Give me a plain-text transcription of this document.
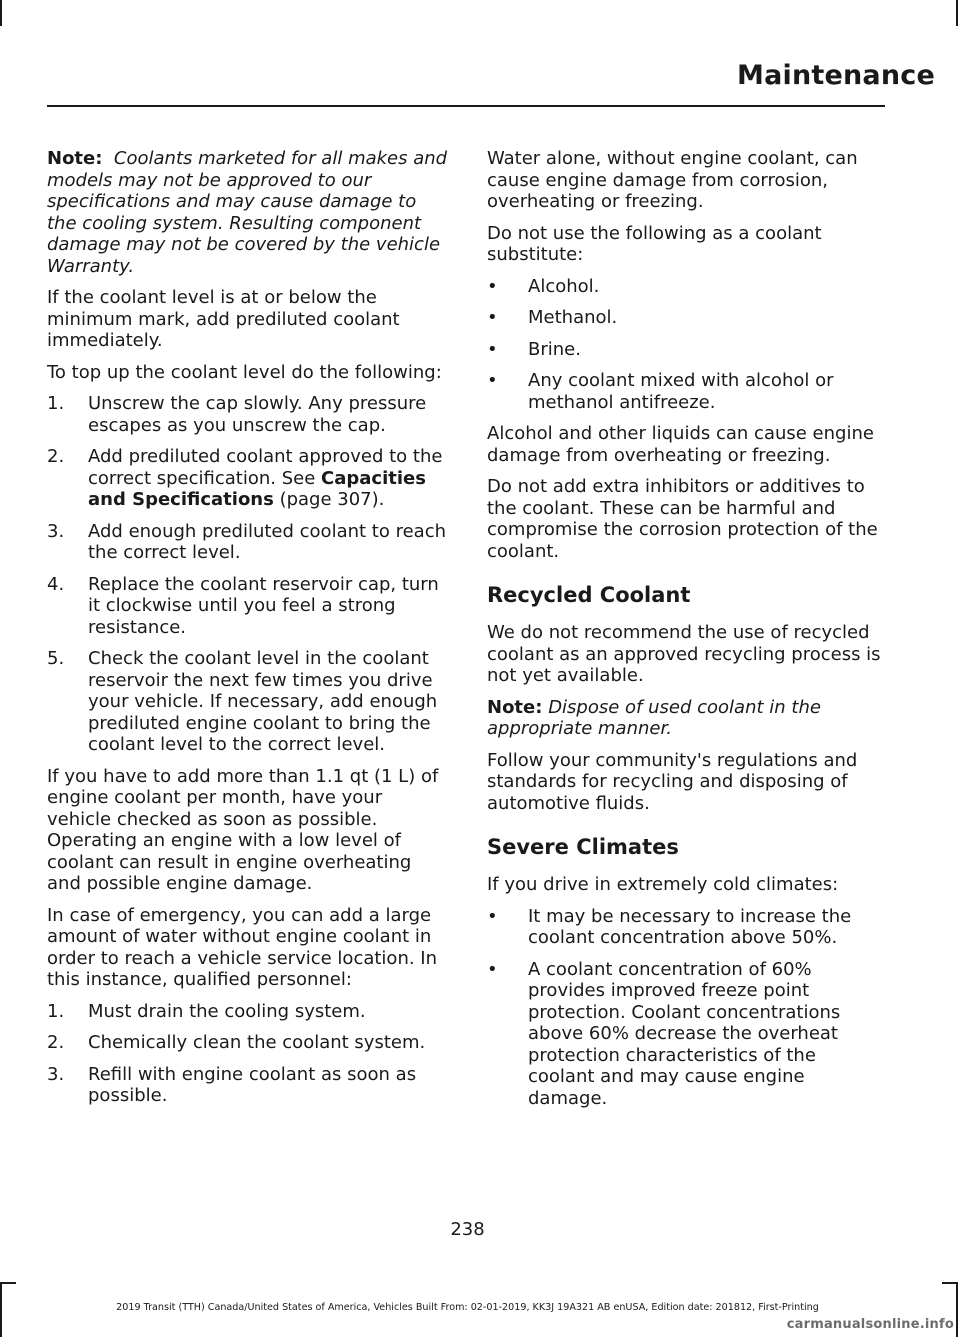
Maintenance

Note: Coolants marketed for all makes and models may not be approved to our specifications and may cause damage to the cooling system. Resulting component damage may not be covered by the vehicle Warranty.

If the coolant level is at or below the minimum mark, add prediluted coolant immediately.

To top up the coolant level do the following:

1. Unscrew the cap slowly. Any pressure escapes as you unscrew the cap.
2. Add prediluted coolant approved to the correct specification. See Capacities and Specifications (page 307).
3. Add enough prediluted coolant to reach the correct level.
4. Replace the coolant reservoir cap, turn it clockwise until you feel a strong resistance.
5. Check the coolant level in the coolant reservoir the next few times you drive your vehicle. If necessary, add enough prediluted engine coolant to bring the coolant level to the correct level.

If you have to add more than 1.1 qt (1 L) of engine coolant per month, have your vehicle checked as soon as possible. Operating an engine with a low level of coolant can result in engine overheating and possible engine damage.

In case of emergency, you can add a large amount of water without engine coolant in order to reach a vehicle service location. In this instance, qualified personnel:

1. Must drain the cooling system.
2. Chemically clean the coolant system.
3. Refill with engine coolant as soon as possible.

Water alone, without engine coolant, can cause engine damage from corrosion, overheating or freezing.

Do not use the following as a coolant substitute:

• Alcohol.
• Methanol.
• Brine.
• Any coolant mixed with alcohol or methanol antifreeze.

Alcohol and other liquids can cause engine damage from overheating or freezing.

Do not add extra inhibitors or additives to the coolant. These can be harmful and compromise the corrosion protection of the coolant.

Recycled Coolant

We do not recommend the use of recycled coolant as an approved recycling process is not yet available.

Note: Dispose of used coolant in the appropriate manner.

Follow your community's regulations and standards for recycling and disposing of automotive fluids.

Severe Climates

If you drive in extremely cold climates:

• It may be necessary to increase the coolant concentration above 50%.
• A coolant concentration of 60% provides improved freeze point protection. Coolant concentrations above 60% decrease the overheat protection characteristics of the coolant and may cause engine damage.
238
2019 Transit (TTH) Canada/United States of America, Vehicles Built From: 02-01-2019, KK3J 19A321 AB enUSA, Edition date: 201812, First-Printing
carmanualsonline.info
